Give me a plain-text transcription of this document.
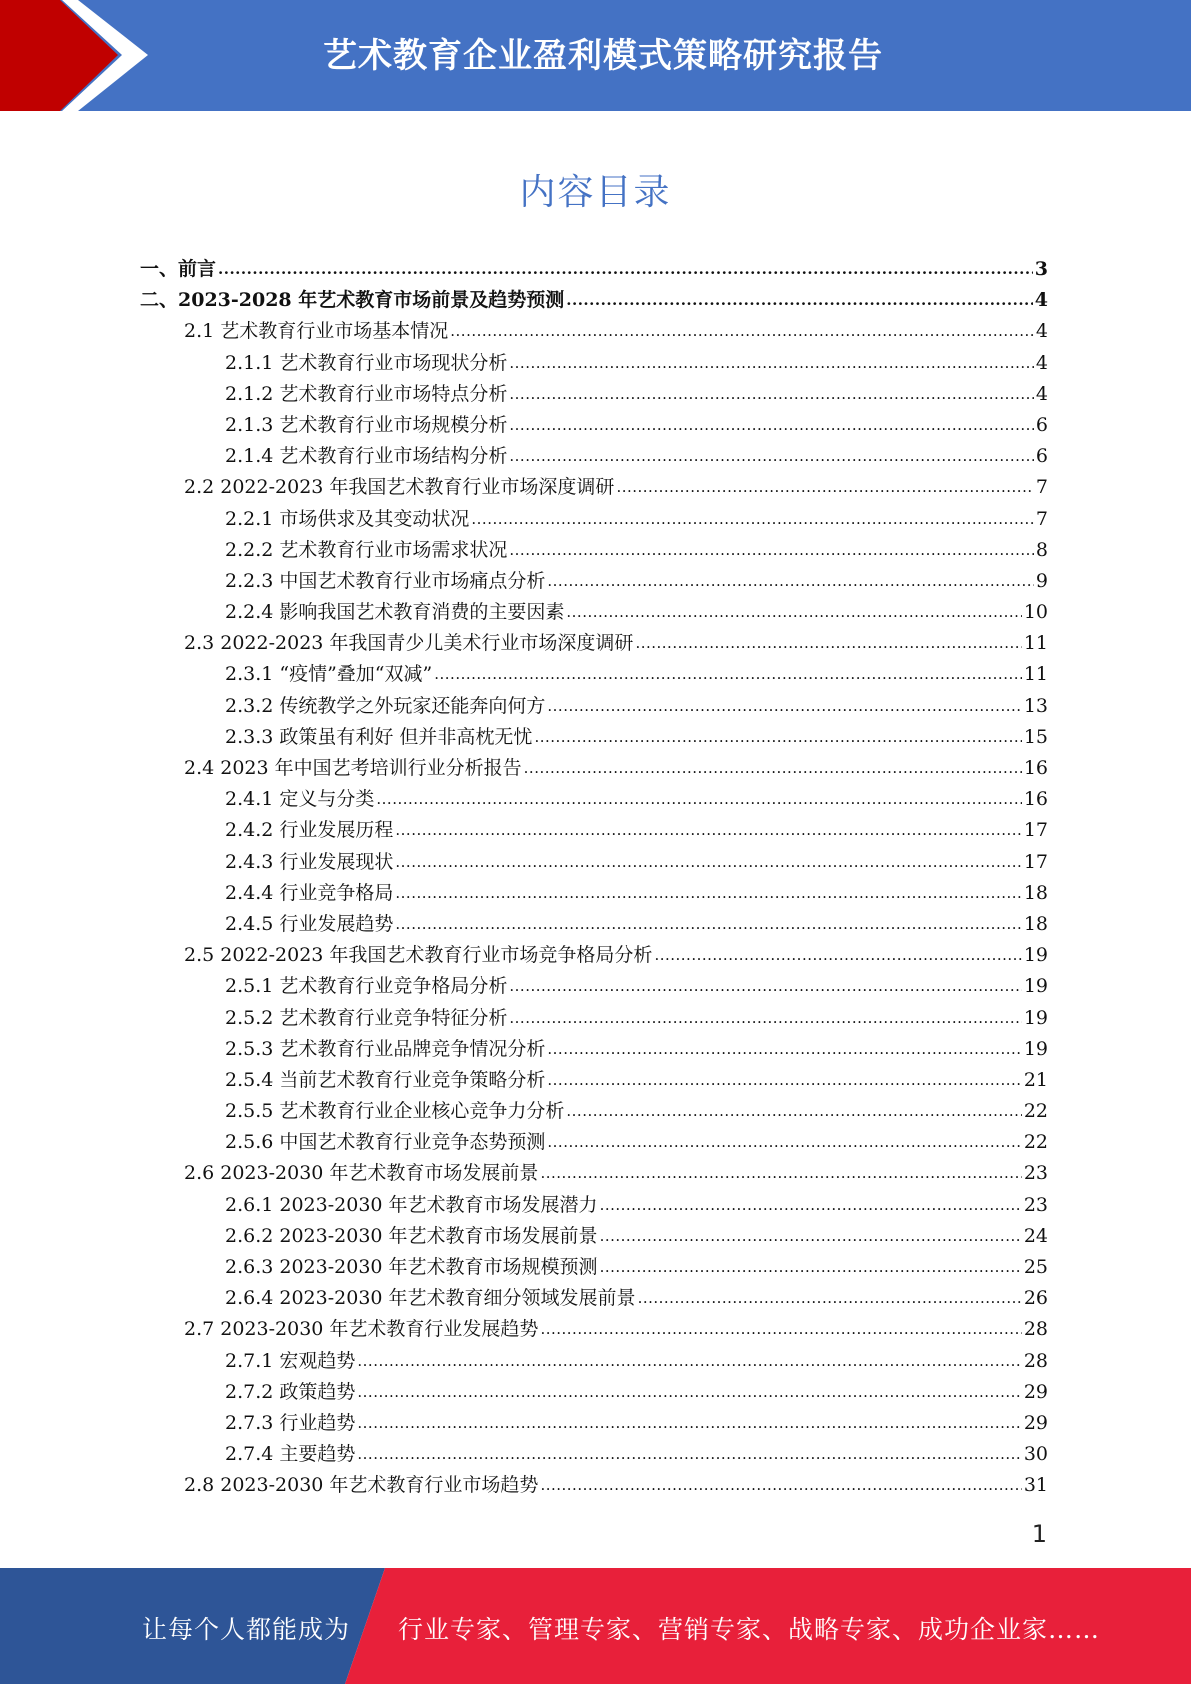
艺术教育企业盈利模式策略研究报告
内容目录
一、前言 .....	3
二、2023-2028 年艺术教育市场前景及趋势预测 .....	4
2.1 艺术教育行业市场基本情况 .....	4
2.1.1 艺术教育行业市场现状分析 .....	4
2.1.2 艺术教育行业市场特点分析 .....	4
2.1.3 艺术教育行业市场规模分析 .....	6
2.1.4 艺术教育行业市场结构分析 .....	6
2.2 2022-2023 年我国艺术教育行业市场深度调研 .....	7
2.2.1 市场供求及其变动状况 .....	7
2.2.2 艺术教育行业市场需求状况 .....	8
2.2.3 中国艺术教育行业市场痛点分析 .....	9
2.2.4 影响我国艺术教育消费的主要因素 .....	10
2.3 2022-2023 年我国青少儿美术行业市场深度调研 .....	11
2.3.1 “疫情”叠加“双减” .....	11
2.3.2 传统教学之外玩家还能奔向何方 .....	13
2.3.3 政策虽有利好 但并非高枕无忧 .....	15
2.4 2023 年中国艺考培训行业分析报告 .....	16
2.4.1 定义与分类 .....	16
2.4.2 行业发展历程 .....	17
2.4.3 行业发展现状 .....	17
2.4.4 行业竞争格局 .....	18
2.4.5 行业发展趋势 .....	18
2.5 2022-2023 年我国艺术教育行业市场竞争格局分析 .....	19
2.5.1 艺术教育行业竞争格局分析 .....	19
2.5.2 艺术教育行业竞争特征分析 .....	19
2.5.3 艺术教育行业品牌竞争情况分析 .....	19
2.5.4 当前艺术教育行业竞争策略分析 .....	21
2.5.5 艺术教育行业企业核心竞争力分析 .....	22
2.5.6 中国艺术教育行业竞争态势预测 .....	22
2.6 2023-2030 年艺术教育市场发展前景 .....	23
2.6.1 2023-2030 年艺术教育市场发展潜力 .....	23
2.6.2 2023-2030 年艺术教育市场发展前景 .....	24
2.6.3 2023-2030 年艺术教育市场规模预测 .....	25
2.6.4 2023-2030 年艺术教育细分领域发展前景 .....	26
2.7 2023-2030 年艺术教育行业发展趋势 .....	28
2.7.1 宏观趋势 .....	28
2.7.2 政策趋势 .....	29
2.7.3 行业趋势 .....	29
2.7.4 主要趋势 .....	30
2.8 2023-2030 年艺术教育行业市场趋势 .....	31
1
让每个人都能成为 行业专家、管理专家、营销专家、战略专家、成功企业家……
